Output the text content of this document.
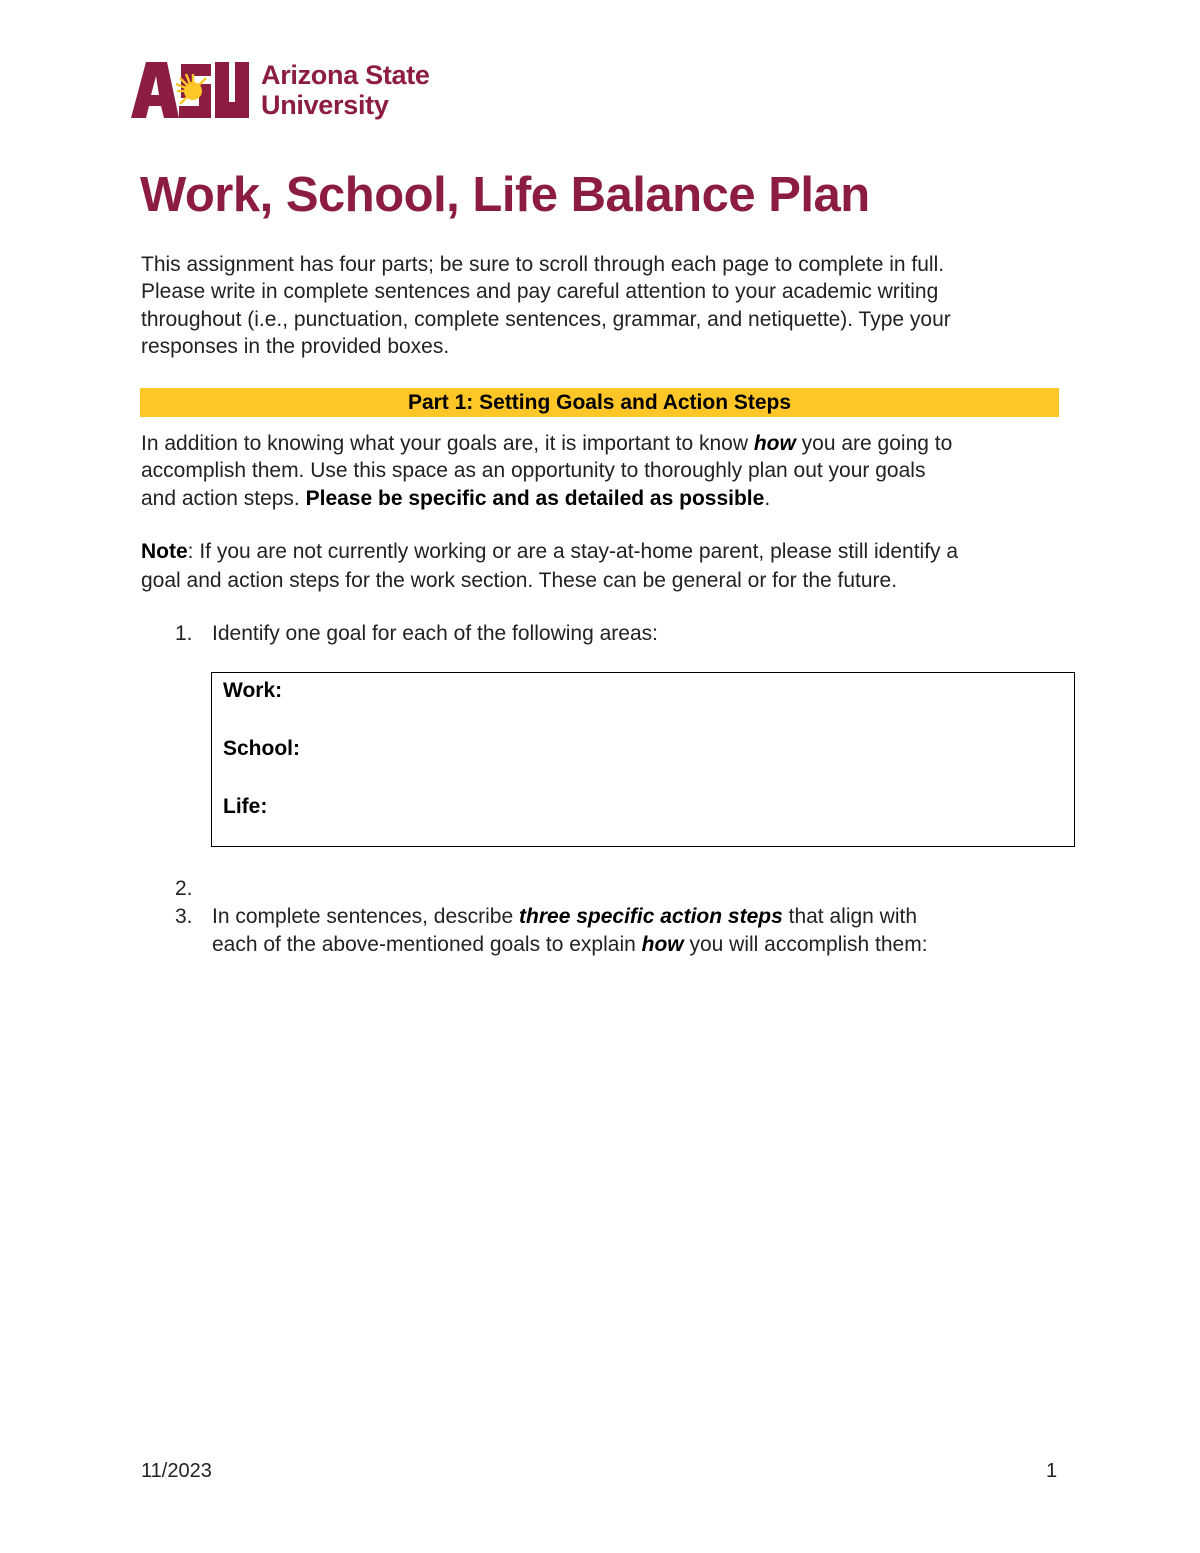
Arizona State
University
Work, School, Life Balance Plan
This assignment has four parts; be sure to scroll through each page to complete in full.
Please write in complete sentences and pay careful attention to your academic writing
throughout (i.e., punctuation, complete sentences, grammar, and netiquette). Type your
responses in the provided boxes.
Part 1: Setting Goals and Action Steps
In addition to knowing what your goals are, it is important to know how you are going to
accomplish them. Use this space as an opportunity to thoroughly plan out your goals
and action steps. Please be specific and as detailed as possible.
Note: If you are not currently working or are a stay-at-home parent, please still identify a
goal and action steps for the work section. These can be general or for the future.
1. Identify one goal for each of the following areas:
Work:
School:
Life:
2.
3. In complete sentences, describe three specific action steps that align with
each of the above-mentioned goals to explain how you will accomplish them:
11/2023	1
